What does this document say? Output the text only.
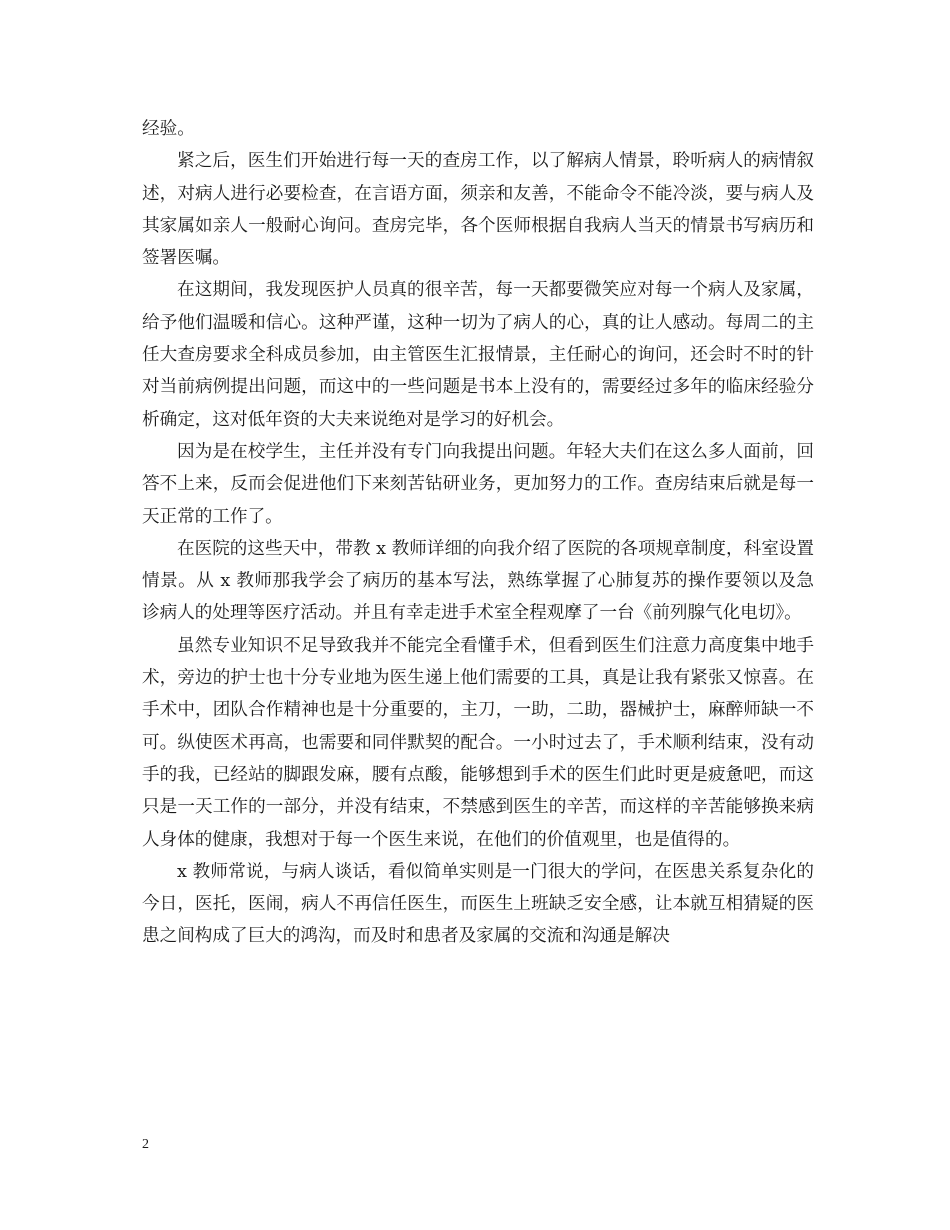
经验。

紧之后，医生们开始进行每一天的查房工作，以了解病人情景，聆听病人的病情叙述，对病人进行必要检查，在言语方面，须亲和友善，不能命令不能冷淡，要与病人及其家属如亲人一般耐心询问。查房完毕，各个医师根据自我病人当天的情景书写病历和签署医嘱。

在这期间，我发现医护人员真的很辛苦，每一天都要微笑应对每一个病人及家属，给予他们温暖和信心。这种严谨，这种一切为了病人的心，真的让人感动。每周二的主任大查房要求全科成员参加，由主管医生汇报情景，主任耐心的询问，还会时不时的针对当前病例提出问题，而这中的一些问题是书本上没有的，需要经过多年的临床经验分析确定，这对低年资的大夫来说绝对是学习的好机会。

因为是在校学生，主任并没有专门向我提出问题。年轻大夫们在这么多人面前，回答不上来，反而会促进他们下来刻苦钻研业务，更加努力的工作。查房结束后就是每一天正常的工作了。

在医院的这些天中，带教 x 教师详细的向我介绍了医院的各项规章制度，科室设置情景。从 x 教师那我学会了病历的基本写法，熟练掌握了心肺复苏的操作要领以及急诊病人的处理等医疗活动。并且有幸走进手术室全程观摩了一台《前列腺气化电切》。

虽然专业知识不足导致我并不能完全看懂手术，但看到医生们注意力高度集中地手术，旁边的护士也十分专业地为医生递上他们需要的工具，真是让我有紧张又惊喜。在手术中，团队合作精神也是十分重要的，主刀，一助，二助，器械护士，麻醉师缺一不可。纵使医术再高，也需要和同伴默契的配合。一小时过去了，手术顺利结束，没有动手的我，已经站的脚跟发麻，腰有点酸，能够想到手术的医生们此时更是疲惫吧，而这只是一天工作的一部分，并没有结束，不禁感到医生的辛苦，而这样的辛苦能够换来病人身体的健康，我想对于每一个医生来说，在他们的价值观里，也是值得的。

x 教师常说，与病人谈话，看似简单实则是一门很大的学问，在医患关系复杂化的今日，医托，医闹，病人不再信任医生，而医生上班缺乏安全感，让本就互相猜疑的医患之间构成了巨大的鸿沟，而及时和患者及家属的交流和沟通是解决

2
